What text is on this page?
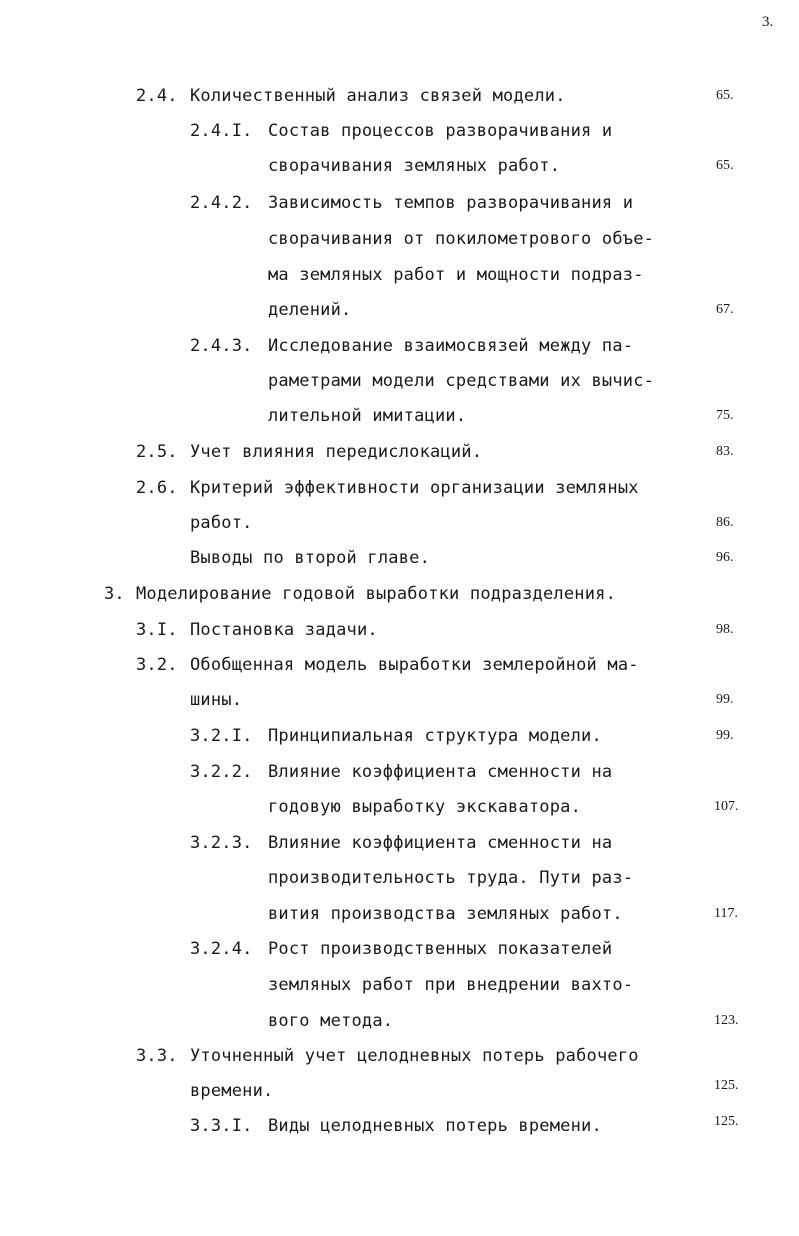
3.
2.4. Количественный анализ связей модели.	65.
2.4.I. Состав процессов разворачивания и
сворачивания земляных работ.	65.
2.4.2. Зависимость темпов разворачивания и
сворачивания от покилометрового объе-
ма земляных работ и мощности подраз-
делений.	67.
2.4.3. Исследование взаимосвязей между па-
раметрами модели средствами их вычис-
лительной имитации.	75.
2.5. Учет влияния передислокаций.	83.
2.6. Критерий эффективности организации земляных
работ.	86.
Выводы по второй главе.	96.
3. Моделирование годовой выработки подразделения.
3.I. Постановка задачи.	98.
3.2. Обобщенная модель выработки землеройной ма-
шины.	99.
3.2.I. Принципиальная структура модели.	99.
3.2.2. Влияние коэффициента сменности на
годовую выработку экскаватора.	107.
3.2.3. Влияние коэффициента сменности на
производительность труда. Пути раз-
вития производства земляных работ.	117.
3.2.4. Рост производственных показателей
земляных работ при внедрении вахто-
вого метода.	123.
3.3. Уточненный учет целодневных потерь рабочего
времени.	125.
3.3.I. Виды целодневных потерь времени.	125.
